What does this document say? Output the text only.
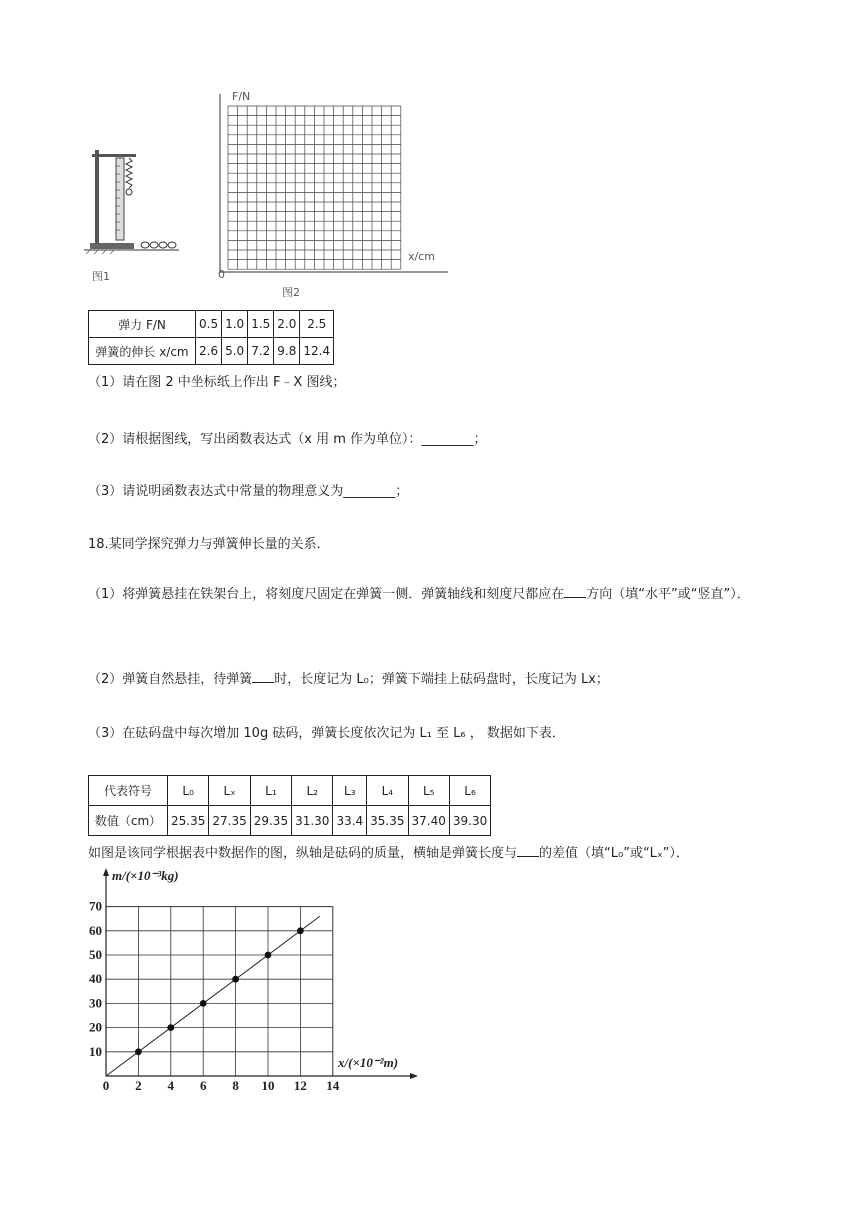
图1
F/N
x/cm
0
图2
弹力 F/N	0.5	1.0	1.5	2.0	2.5
弹簧的伸长 x/cm	2.6	5.0	7.2	9.8	12.4
（1）请在图 2 中坐标纸上作出 F﹣X 图线；
（2）请根据图线，写出函数表达式（x 用 m 作为单位）：________；
（3）请说明函数表达式中常量的物理意义为________；
18.某同学探究弹力与弹簧伸长量的关系．
（1）将弹簧悬挂在铁架台上，将刻度尺固定在弹簧一侧．弹簧轴线和刻度尺都应在 方向（填“水平”或“竖直”）．
（2）弹簧自然悬挂，待弹簧 时，长度记为 L₀；弹簧下端挂上砝码盘时，长度记为 Lx；
（3）在砝码盘中每次增加 10g 砝码，弹簧长度依次记为 L₁ 至 L₆ ， 数据如下表．
代表符号	L₀	Lₓ	L₁	L₂	L₃	L₄	L₅	L₆
数值（cm）	25.35	27.35	29.35	31.30	33.4	35.35	37.40	39.30
如图是该同学根据表中数据作的图，纵轴是砝码的质量，横轴是弹簧长度与 的差值（填“L₀”或“Lₓ”）．
0 2 4 6 8 10 12 14
10
20
30
40
50
60
70
m/(×10⁻³kg)
x/(×10⁻²m)
